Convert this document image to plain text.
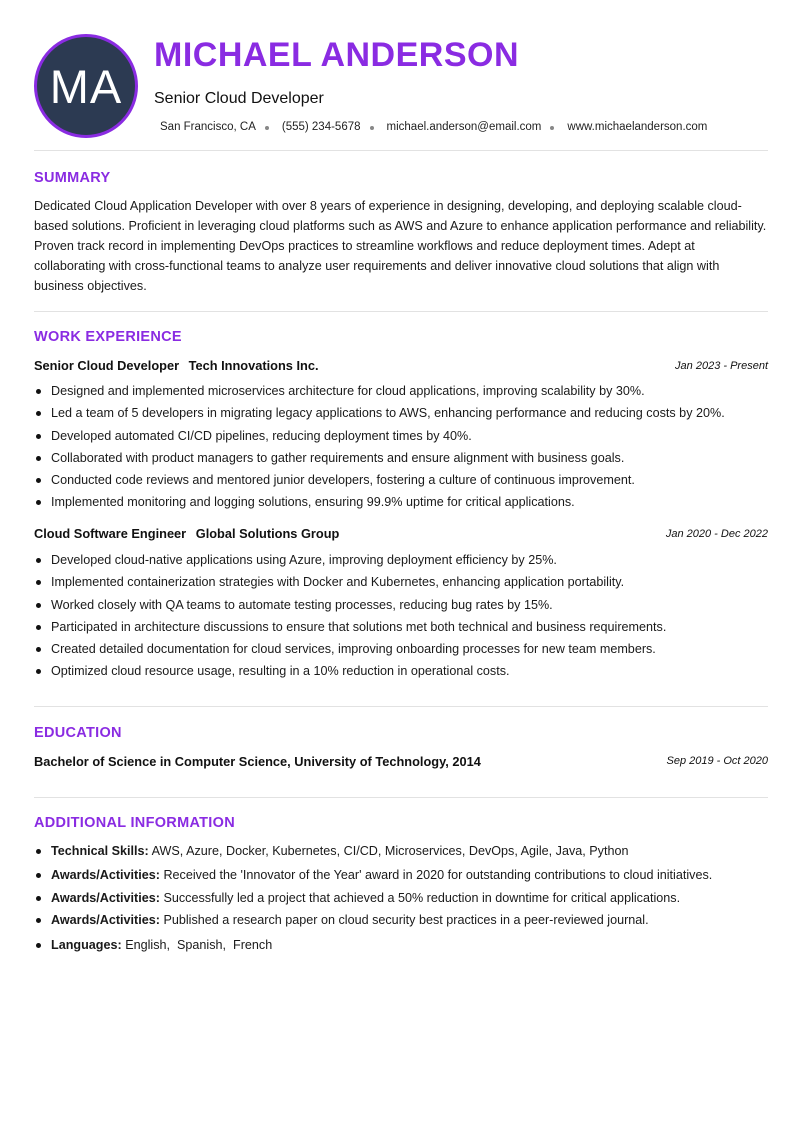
MA
MICHAEL ANDERSON
Senior Cloud Developer
San Francisco, CA (555) 234-5678 michael.anderson@email.com www.michaelanderson.com
SUMMARY
Dedicated Cloud Application Developer with over 8 years of experience in designing, developing, and deploying scalable cloud-based solutions. Proficient in leveraging cloud platforms such as AWS and Azure to enhance application performance and reliability. Proven track record in implementing DevOps practices to streamline workflows and reduce deployment times. Adept at collaborating with cross-functional teams to analyze user requirements and deliver innovative cloud solutions that align with business objectives.
WORK EXPERIENCE
Senior Cloud Developer Tech Innovations Inc.	Jan 2023 - Present
Designed and implemented microservices architecture for cloud applications, improving scalability by 30%.
Led a team of 5 developers in migrating legacy applications to AWS, enhancing performance and reducing costs by 20%.
Developed automated CI/CD pipelines, reducing deployment times by 40%.
Collaborated with product managers to gather requirements and ensure alignment with business goals.
Conducted code reviews and mentored junior developers, fostering a culture of continuous improvement.
Implemented monitoring and logging solutions, ensuring 99.9% uptime for critical applications.
Cloud Software Engineer Global Solutions Group	Jan 2020 - Dec 2022
Developed cloud-native applications using Azure, improving deployment efficiency by 25%.
Implemented containerization strategies with Docker and Kubernetes, enhancing application portability.
Worked closely with QA teams to automate testing processes, reducing bug rates by 15%.
Participated in architecture discussions to ensure that solutions met both technical and business requirements.
Created detailed documentation for cloud services, improving onboarding processes for new team members.
Optimized cloud resource usage, resulting in a 10% reduction in operational costs.
EDUCATION
Bachelor of Science in Computer Science, University of Technology, 2014	Sep 2019 - Oct 2020
ADDITIONAL INFORMATION
Technical Skills: AWS, Azure, Docker, Kubernetes, CI/CD, Microservices, DevOps, Agile, Java, Python
Awards/Activities: Received the 'Innovator of the Year' award in 2020 for outstanding contributions to cloud initiatives.
Awards/Activities: Successfully led a project that achieved a 50% reduction in downtime for critical applications.
Awards/Activities: Published a research paper on cloud security best practices in a peer-reviewed journal.
Languages: English,  Spanish,  French
